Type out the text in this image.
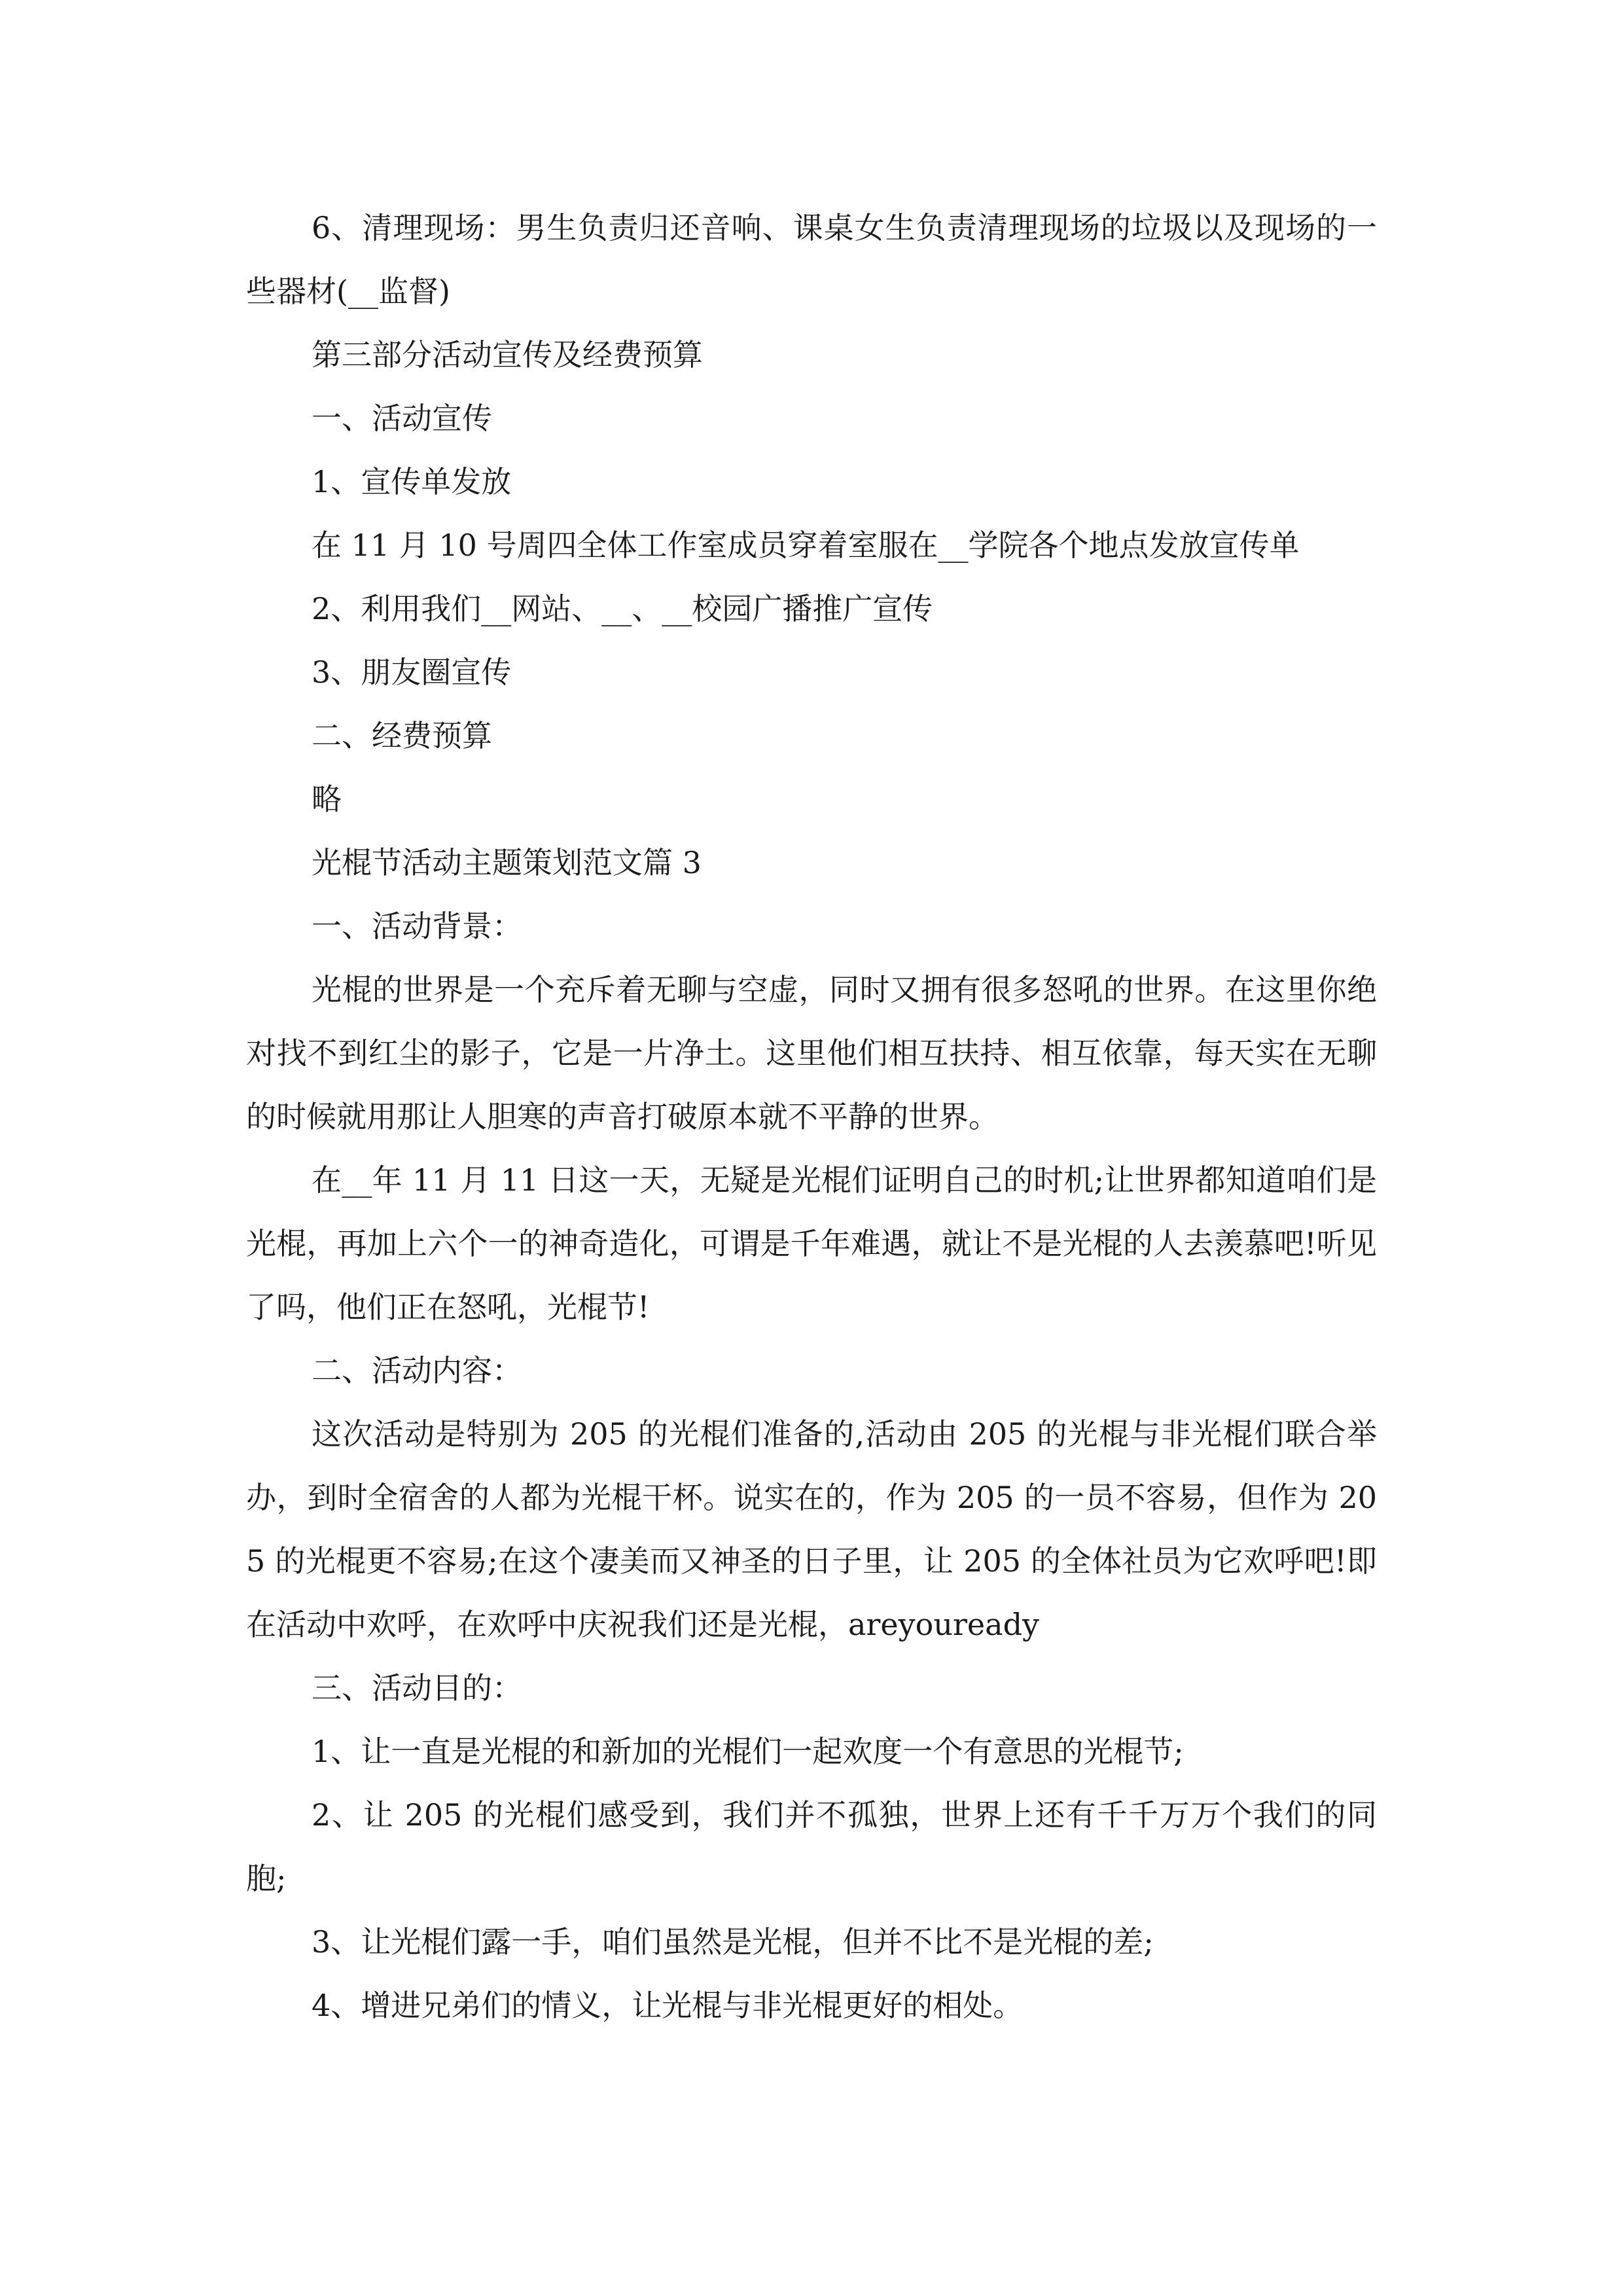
6、清理现场：男生负责归还音响、课桌女生负责清理现场的垃圾以及现场的一些器材(__监督)

第三部分活动宣传及经费预算

一、活动宣传

1、宣传单发放

在 11 月 10 号周四全体工作室成员穿着室服在__学院各个地点发放宣传单

2、利用我们__网站、__、__校园广播推广宣传

3、朋友圈宣传

二、经费预算

略

光棍节活动主题策划范文篇 3

一、活动背景：

光棍的世界是一个充斥着无聊与空虚，同时又拥有很多怒吼的世界。在这里你绝对找不到红尘的影子，它是一片净土。这里他们相互扶持、相互依靠，每天实在无聊的时候就用那让人胆寒的声音打破原本就不平静的世界。

在__年 11 月 11 日这一天，无疑是光棍们证明自己的时机;让世界都知道咱们是光棍，再加上六个一的神奇造化，可谓是千年难遇，就让不是光棍的人去羡慕吧!听见了吗，他们正在怒吼，光棍节!

二、活动内容：

这次活动是特别为 205 的光棍们准备的,活动由 205 的光棍与非光棍们联合举办，到时全宿舍的人都为光棍干杯。说实在的，作为 205 的一员不容易，但作为 205 的光棍更不容易;在这个凄美而又神圣的日子里，让 205 的全体社员为它欢呼吧!即在活动中欢呼，在欢呼中庆祝我们还是光棍，areyouready

三、活动目的：

1、让一直是光棍的和新加的光棍们一起欢度一个有意思的光棍节;

2、让 205 的光棍们感受到，我们并不孤独，世界上还有千千万万个我们的同胞;

3、让光棍们露一手，咱们虽然是光棍，但并不比不是光棍的差;

4、增进兄弟们的情义，让光棍与非光棍更好的相处。
